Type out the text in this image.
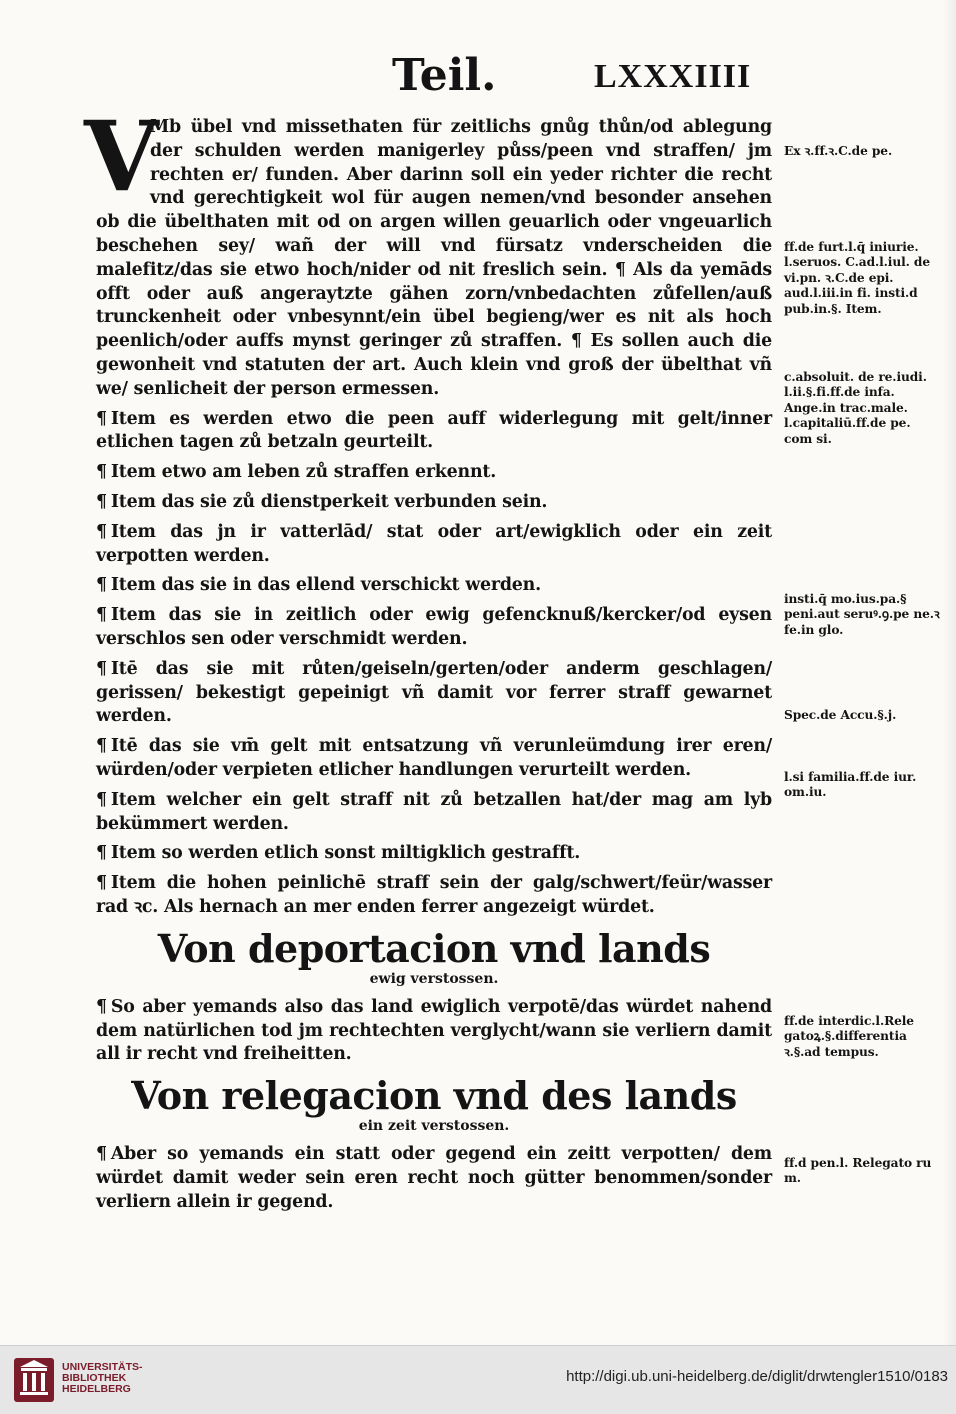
Teil.	LXXXIIII
V
Mb übel vnd missethaten für zeitlichs gnůg thůn/od ablegung der schulden werden manigerley půss/peen vnd straffen/ jm rechten er/ funden. Aber darinn soll ein yeder richter die recht vnd gerechtigkeit wol für augen nemen/vnd besonder ansehen ob die übelthaten mit od on argen willen geuarlich oder vngeuarlich beschehen sey/ wañ der will vnd fürsatz vnderscheiden die malefitz/das sie etwo hoch/nider od nit freslich sein. ¶ Als da yemāds offt oder auß angeraytzte gähen zorn/vnbedachten zůfellen/auß trunckenheit oder vnbesynnt/ein übel begieng/wer es nit als hoch peenlich/oder auffs mynst geringer zů straffen. ¶ Es sollen auch die gewonheit vnd statuten der art. Auch klein vnd groß der übelthat vñ we/ senlicheit der person ermessen.
¶ Item es werden etwo die peen auff widerlegung mit gelt/inner etlichen tagen zů betzaln geurteilt.
¶ Item etwo am leben zů straffen erkennt.
¶ Item das sie zů dienstperkeit verbunden sein.
¶ Item das jn ir vatterlād/ stat oder art/ewigklich oder ein zeit verpotten werden.
¶ Item das sie in das ellend verschickt werden.
¶ Item das sie in zeitlich oder ewig gefencknuß/kercker/od eysen verschlos sen oder verschmidt werden.
¶ Itē das sie mit růten/geiseln/gerten/oder anderm geschlagen/ gerissen/ bekestigt gepeinigt vñ damit vor ferrer straff gewarnet werden.
¶ Itē das sie vm̄ gelt mit entsatzung vñ verunleümdung irer eren/ würden/oder verpieten etlicher handlungen verurteilt werden.
¶ Item welcher ein gelt straff nit zů betzallen hat/der mag am lyb bekümmert werden.
¶ Item so werden etlich sonst miltigklich gestrafft.
¶ Item die hohen peinlichē straff sein der galg/schwert/feür/wasser rad ꝛc. Als hernach an mer enden ferrer angezeigt würdet.
Von deportacion vnd lands
ewig verstossen.
¶ So aber yemands also das land ewiglich verpotē/das würdet nahend dem natürlichen tod jm rechtechten verglycht/wann sie verliern damit all ir recht vnd freiheitten.
Von relegacion vnd des lands
ein zeit verstossen.
¶ Aber so yemands ein statt oder gegend ein zeitt verpotten/ dem würdet damit weder sein eren recht noch gütter benommen/sonder verliern allein ir gegend.
Ex ꝛ.ff.ꝛ.C.de pe.
ff.de furt.l.q̄ iniurie. l.seruos. C.ad.l.iul. de vi.pn. ꝛ.C.de epi. aud.l.iii.in fi. insti.d pub.in.§. Item.
c.absoluit. de re.iudi. l.ii.§.fi.ff.de infa. Ange.in trac.male. l.capitaliū.ff.de pe. com si.
insti.q̄ mo.ius.pa.§ peni.aut seruꝰ.ꝯ.pe ne.ꝛ fe.in glo.
Spec.de Accu.§.j.
l.si familia.ff.de iur. om.iu.
ff.de interdic.l.Rele gatoꝝ.§.differentia ꝛ.§.ad tempus.
ff.d pen.l. Relegato ru m.
UNIVERSITÄTS-
BIBLIOTHEK
HEIDELBERG
http://digi.ub.uni-heidelberg.de/diglit/drwtengler1510/0183
